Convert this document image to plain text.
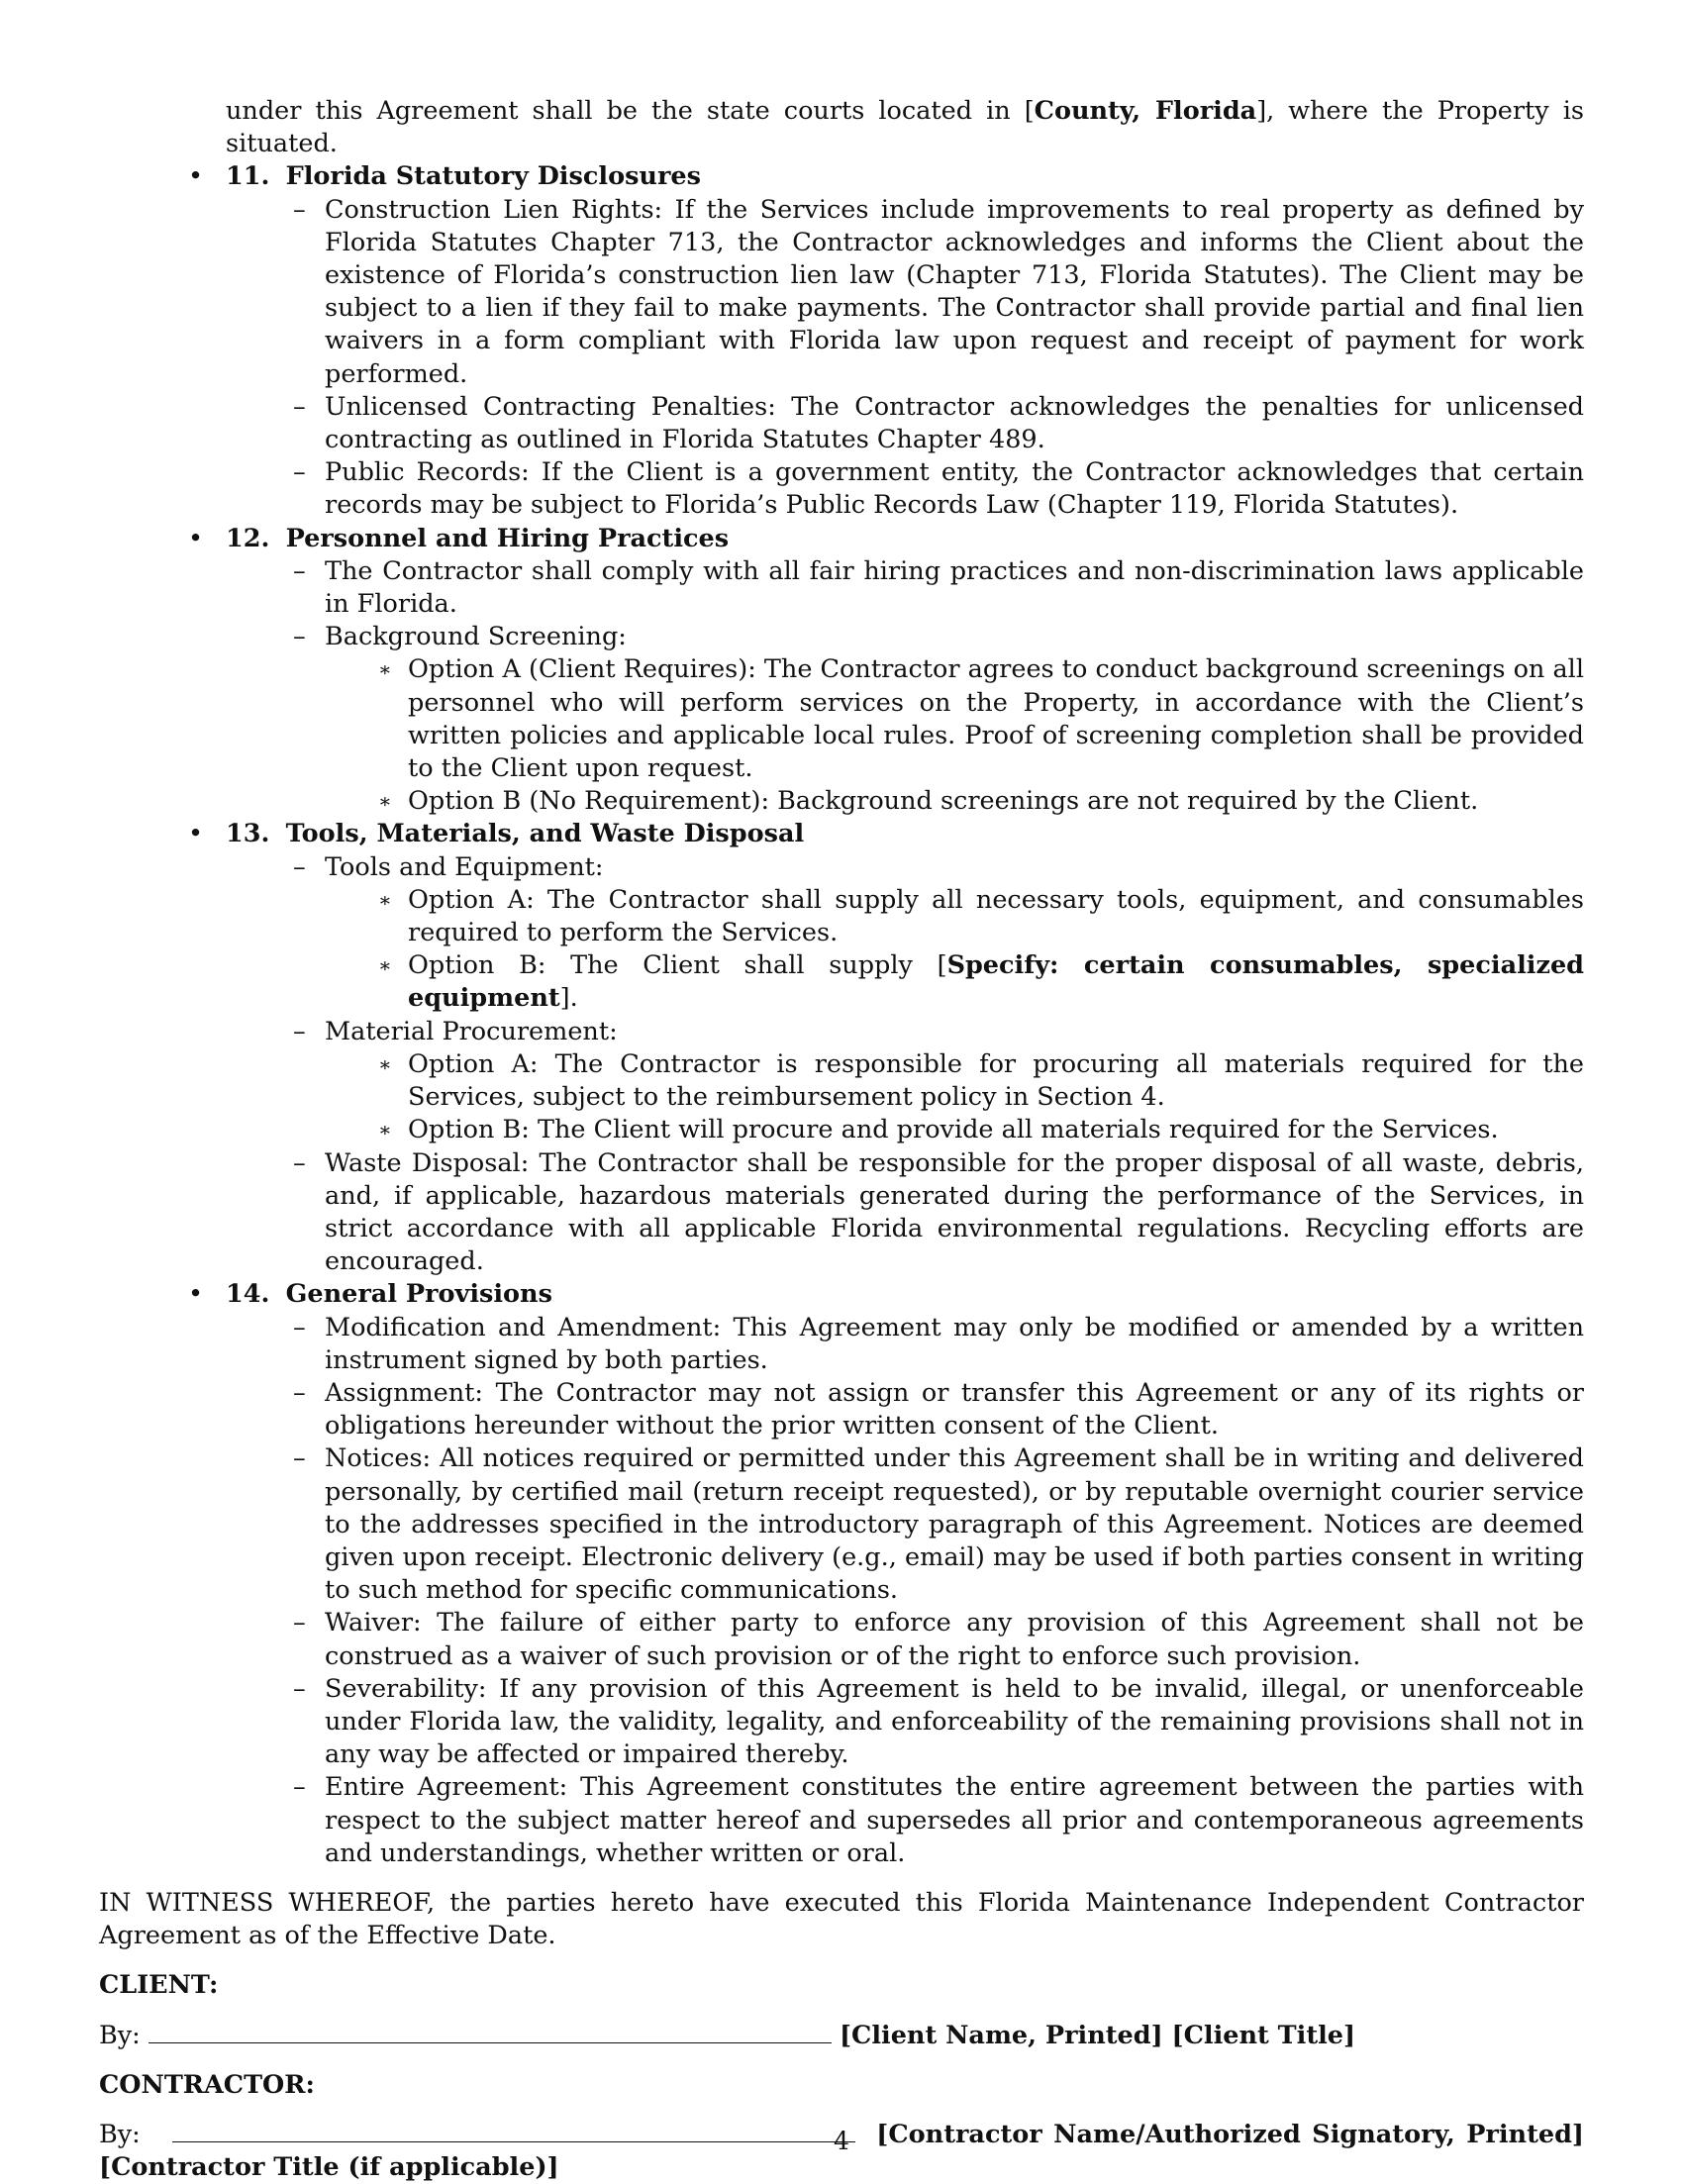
under this Agreement shall be the state courts located in [County, Florida], where the Property is situated.
• 11. Florida Statutory Disclosures
– Construction Lien Rights: If the Services include improvements to real property as defined by Florida Statutes Chapter 713, the Contractor acknowledges and informs the Client about the existence of Florida’s construction lien law (Chapter 713, Florida Statutes). The Client may be subject to a lien if they fail to make payments. The Contractor shall provide partial and final lien waivers in a form compliant with Florida law upon request and receipt of payment for work performed.
– Unlicensed Contracting Penalties: The Contractor acknowledges the penalties for unlicensed contracting as outlined in Florida Statutes Chapter 489.
– Public Records: If the Client is a government entity, the Contractor acknowledges that certain records may be subject to Florida’s Public Records Law (Chapter 119, Florida Statutes).
• 12. Personnel and Hiring Practices
– The Contractor shall comply with all fair hiring practices and non-discrimination laws applicable in Florida.
– Background Screening:
∗ Option A (Client Requires): The Contractor agrees to conduct background screenings on all personnel who will perform services on the Property, in accordance with the Client’s written policies and applicable local rules. Proof of screening completion shall be provided to the Client upon request.
∗ Option B (No Requirement): Background screenings are not required by the Client.
• 13. Tools, Materials, and Waste Disposal
– Tools and Equipment:
∗ Option A: The Contractor shall supply all necessary tools, equipment, and consumables required to perform the Services.
∗ Option B: The Client shall supply [Specify: certain consumables, specialized equipment].
– Material Procurement:
∗ Option A: The Contractor is responsible for procuring all materials required for the Services, subject to the reimbursement policy in Section 4.
∗ Option B: The Client will procure and provide all materials required for the Services.
– Waste Disposal: The Contractor shall be responsible for the proper disposal of all waste, debris, and, if applicable, hazardous materials generated during the performance of the Services, in strict accordance with all applicable Florida environmental regulations. Recycling efforts are encouraged.
• 14. General Provisions
– Modification and Amendment: This Agreement may only be modified or amended by a written instrument signed by both parties.
– Assignment: The Contractor may not assign or transfer this Agreement or any of its rights or obligations hereunder without the prior written consent of the Client.
– Notices: All notices required or permitted under this Agreement shall be in writing and delivered personally, by certified mail (return receipt requested), or by reputable overnight courier service to the addresses specified in the introductory paragraph of this Agreement. Notices are deemed given upon receipt. Electronic delivery (e.g., email) may be used if both parties consent in writing to such method for specific communications.
– Waiver: The failure of either party to enforce any provision of this Agreement shall not be construed as a waiver of such provision or of the right to enforce such provision.
– Severability: If any provision of this Agreement is held to be invalid, illegal, or unenforceable under Florida law, the validity, legality, and enforceability of the remaining provisions shall not in any way be affected or impaired thereby.
– Entire Agreement: This Agreement constitutes the entire agreement between the parties with respect to the subject matter hereof and supersedes all prior and contemporaneous agreements and understandings, whether written or oral.
IN WITNESS WHEREOF, the parties hereto have executed this Florida Maintenance Independent Contractor Agreement as of the Effective Date.
CLIENT:
By:	[Client Name, Printed] [Client Title]
CONTRACTOR:
By:	[Contractor Name/Authorized Signatory, Printed] [Contractor Title (if applicable)]
4
